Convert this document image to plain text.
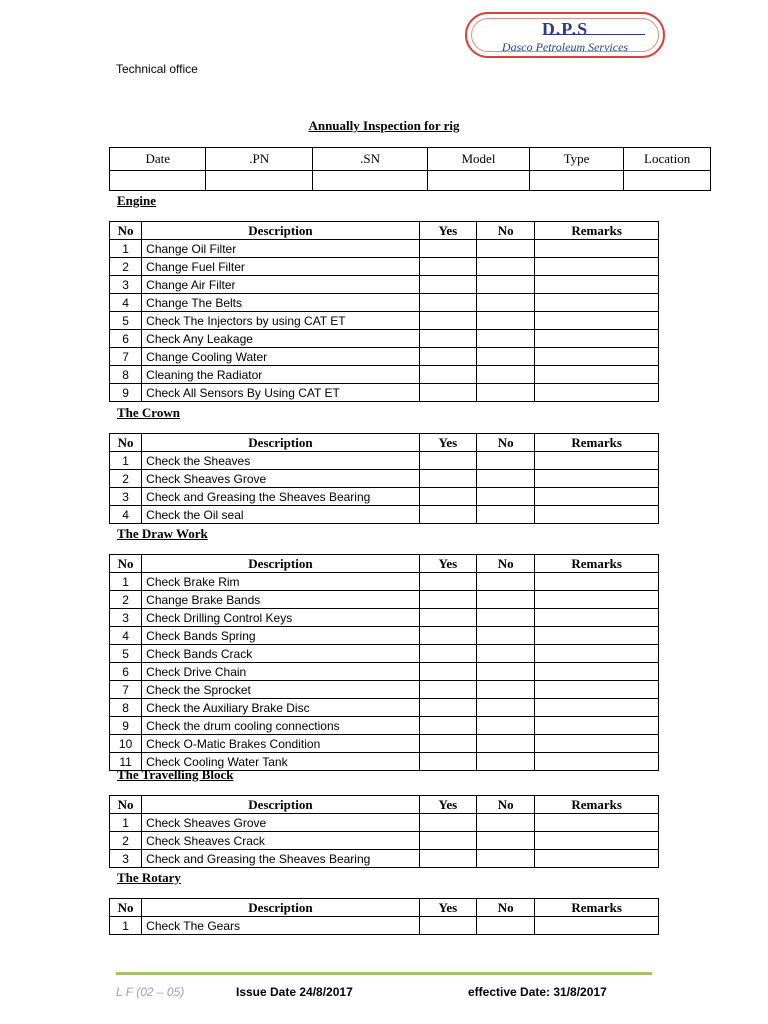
D.P.S
Dasco Petroleum Services
Technical office
Annually Inspection for rig
Date	.PN	.SN	Model	Type	Location

Engine
No	Description	Yes	No	Remarks
1	Change Oil Filter			
2	Change Fuel Filter			
3	Change Air Filter			
4	Change The Belts			
5	Check The Injectors by using CAT ET			
6	Check Any Leakage			
7	Change Cooling Water			
8	Cleaning the Radiator			
9	Check All Sensors By Using CAT ET			
The Crown
No	Description	Yes	No	Remarks
1	Check the Sheaves			
2	Check Sheaves Grove			
3	Check and Greasing the Sheaves Bearing			
4	Check the Oil seal			
The Draw Work
No	Description	Yes	No	Remarks
1	Check Brake Rim			
2	Change Brake Bands			
3	Check Drilling Control Keys			
4	Check Bands Spring			
5	Check Bands Crack			
6	Check Drive Chain			
7	Check the Sprocket			
8	Check the Auxiliary Brake Disc			
9	Check the drum cooling connections			
10	Check O-Matic Brakes Condition			
11	Check Cooling Water Tank			
The Travelling Block
No	Description	Yes	No	Remarks
1	Check Sheaves Grove			
2	Check Sheaves Crack			
3	Check and Greasing the Sheaves Bearing			
The Rotary
No	Description	Yes	No	Remarks
1	Check The Gears			
L F (02 – 05)	Issue Date 24/8/2017	effective Date: 31/8/2017
